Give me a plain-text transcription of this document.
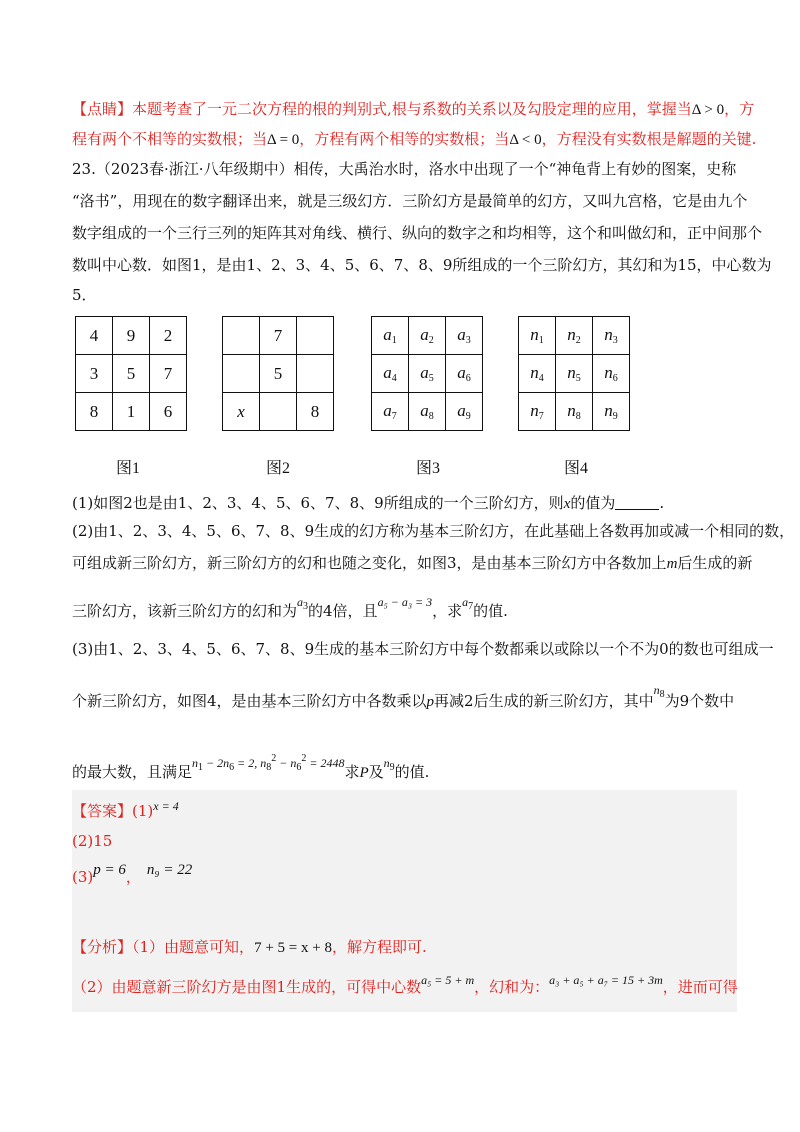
【点睛】本题考查了一元二次方程的根的判别式,根与系数的关系以及勾股定理的应用，掌握当Δ > 0，方
程有两个不相等的实数根；当Δ = 0，方程有两个相等的实数根；当Δ < 0，方程没有实数根是解题的关键.
23.（2023春·浙江·八年级期中）相传，大禹治水时，洛水中出现了一个“神龟背上有妙的图案，史称
“洛书”，用现在的数字翻译出来，就是三级幻方．三阶幻方是最简单的幻方，又叫九宫格，它是由九个
数字组成的一个三行三列的矩阵其对角线、横行、纵向的数字之和均相等，这个和叫做幻和，正中间那个
数叫中心数．如图1，是由1、2、3、4、5、6、7、8、9所组成的一个三阶幻方，其幻和为15，中心数为
5．
4	9	2
3	5	7
8	1	6
图1
	7	
	5	
x		8
图2
$a_1$	$a_2$	$a_3$
$a_4$	$a_5$	$a_6$
$a_7$	$a_8$	$a_9$
图3
$n_1$	$n_2$	$n_3$
$n_4$	$n_5$	$n_6$
$n_7$	$n_8$	$n_9$
图4
(1)如图2也是由1、2、3、4、5、6、7、8、9所组成的一个三阶幻方，则x的值为	.
(2)由1、2、3、4、5、6、7、8、9生成的幻方称为基本三阶幻方，在此基础上各数再加或减一个相同的数，
可组成新三阶幻方，新三阶幻方的幻和也随之变化，如图3，是由基本三阶幻方中各数加上m后生成的新
三阶幻方，该新三阶幻方的幻和为$^{a_3}$的4倍，且$^{a_5 - a_3 = 3}$，求$^{a_7}$的值.
(3)由1、2、3、4、5、6、7、8、9生成的基本三阶幻方中每个数都乘以或除以一个不为0的数也可组成一
个新三阶幻方，如图4，是由基本三阶幻方中各数乘以p再减2后生成的新三阶幻方，其中$^{n_8}$为9个数中
的最大数，且满足$^{n_1 - 2n_6 = 2, n_8^2 - n_6^2 = 2448}$求P及$^{n_9}$的值.
【答案】$(1)^{x = 4}$
(2)15
(3)p = 6， n₉ = 22
【分析】（1）由题意可知，7 + 5 = x + 8，解方程即可.
（2）由题意新三阶幻方是由图1生成的，可得中心数$^{a_5 = 5 + m}$，幻和为：$^{a_3 + a_5 + a_7 = 15 + 3m}$，进而可得
